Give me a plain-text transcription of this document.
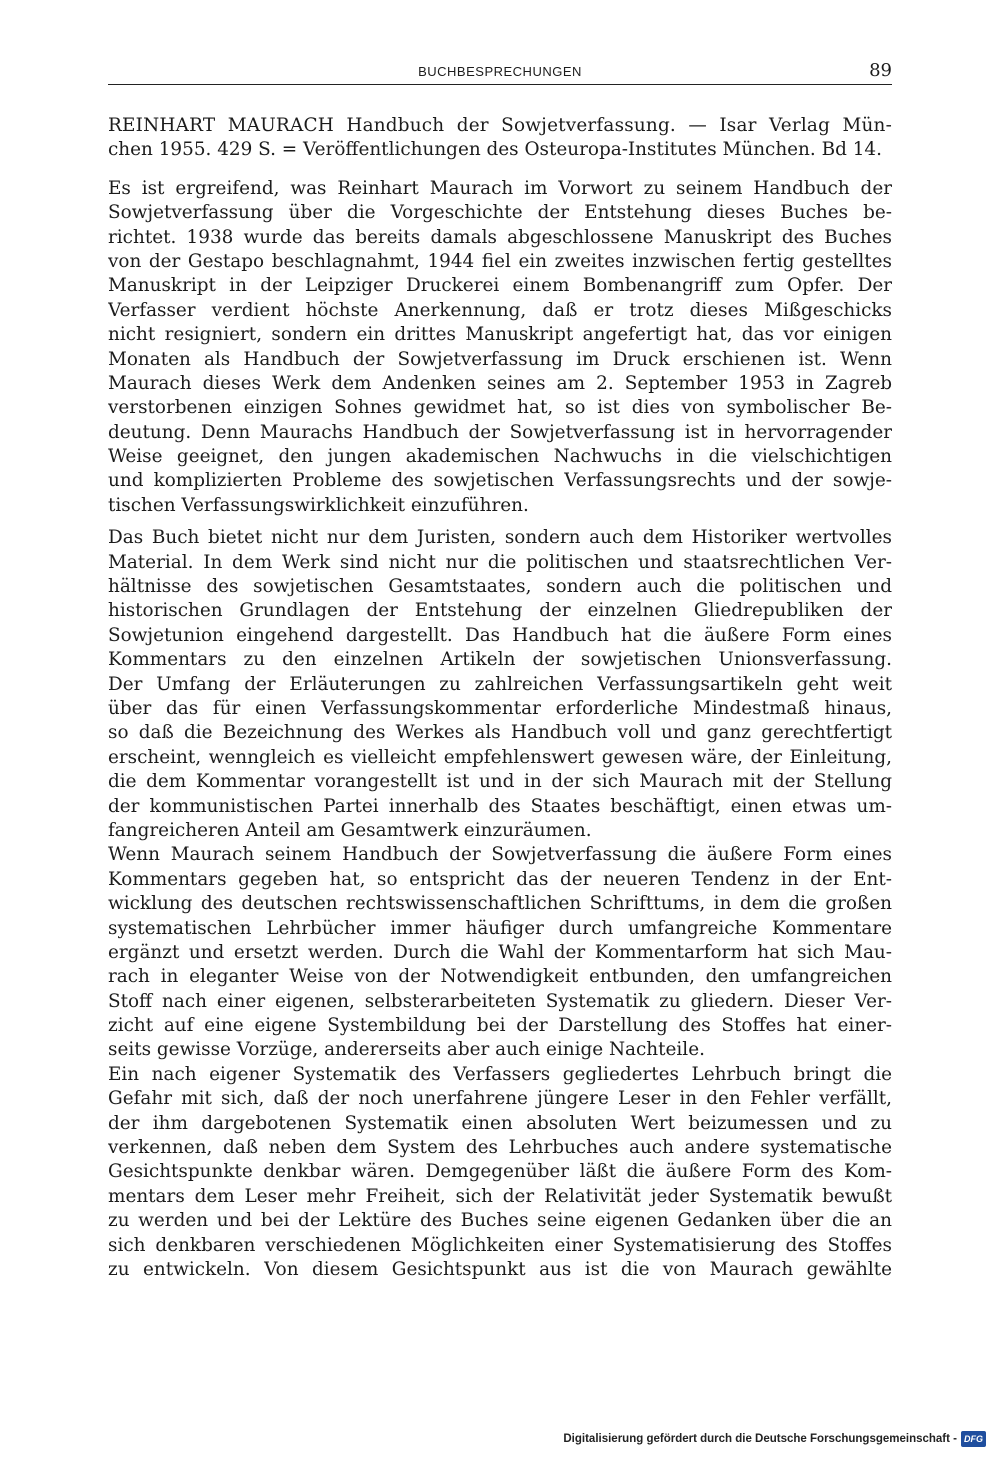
BUCHBESPRECHUNGEN	89

REINHART MAURACH Handbuch der Sowjetverfassung. — Isar Verlag Mün-

chen 1955. 429 S. = Veröffentlichungen des Osteuropa-Institutes München. Bd 14.

Es ist ergreifend, was Reinhart Maurach im Vorwort zu seinem Handbuch der

Sowjetverfassung über die Vorgeschichte der Entstehung dieses Buches be-

richtet. 1938 wurde das bereits damals abgeschlossene Manuskript des Buches

von der Gestapo beschlagnahmt, 1944 fiel ein zweites inzwischen fertig gestelltes

Manuskript in der Leipziger Druckerei einem Bombenangriff zum Opfer. Der

Verfasser verdient höchste Anerkennung, daß er trotz dieses Mißgeschicks

nicht resigniert, sondern ein drittes Manuskript angefertigt hat, das vor einigen

Monaten als Handbuch der Sowjetverfassung im Druck erschienen ist. Wenn

Maurach dieses Werk dem Andenken seines am 2. September 1953 in Zagreb

verstorbenen einzigen Sohnes gewidmet hat, so ist dies von symbolischer Be-

deutung. Denn Maurachs Handbuch der Sowjetverfassung ist in hervorragender

Weise geeignet, den jungen akademischen Nachwuchs in die vielschichtigen

und komplizierten Probleme des sowjetischen Verfassungsrechts und der sowje-

tischen Verfassungswirklichkeit einzuführen.

Das Buch bietet nicht nur dem Juristen, sondern auch dem Historiker wertvolles

Material. In dem Werk sind nicht nur die politischen und staatsrechtlichen Ver-

hältnisse des sowjetischen Gesamtstaates, sondern auch die politischen und

historischen Grundlagen der Entstehung der einzelnen Gliedrepubliken der

Sowjetunion eingehend dargestellt. Das Handbuch hat die äußere Form eines

Kommentars zu den einzelnen Artikeln der sowjetischen Unionsverfassung.

Der Umfang der Erläuterungen zu zahlreichen Verfassungsartikeln geht weit

über das für einen Verfassungskommentar erforderliche Mindestmaß hinaus,

so daß die Bezeichnung des Werkes als Handbuch voll und ganz gerechtfertigt

erscheint, wenngleich es vielleicht empfehlenswert gewesen wäre, der Einleitung,

die dem Kommentar vorangestellt ist und in der sich Maurach mit der Stellung

der kommunistischen Partei innerhalb des Staates beschäftigt, einen etwas um-

fangreicheren Anteil am Gesamtwerk einzuräumen.

Wenn Maurach seinem Handbuch der Sowjetverfassung die äußere Form eines

Kommentars gegeben hat, so entspricht das der neueren Tendenz in der Ent-

wicklung des deutschen rechtswissenschaftlichen Schrifttums, in dem die großen

systematischen Lehrbücher immer häufiger durch umfangreiche Kommentare

ergänzt und ersetzt werden. Durch die Wahl der Kommentarform hat sich Mau-

rach in eleganter Weise von der Notwendigkeit entbunden, den umfangreichen

Stoff nach einer eigenen, selbsterarbeiteten Systematik zu gliedern. Dieser Ver-

zicht auf eine eigene Systembildung bei der Darstellung des Stoffes hat einer-

seits gewisse Vorzüge, andererseits aber auch einige Nachteile.

Ein nach eigener Systematik des Verfassers gegliedertes Lehrbuch bringt die

Gefahr mit sich, daß der noch unerfahrene jüngere Leser in den Fehler verfällt,

der ihm dargebotenen Systematik einen absoluten Wert beizumessen und zu

verkennen, daß neben dem System des Lehrbuches auch andere systematische

Gesichtspunkte denkbar wären. Demgegenüber läßt die äußere Form des Kom-

mentars dem Leser mehr Freiheit, sich der Relativität jeder Systematik bewußt

zu werden und bei der Lektüre des Buches seine eigenen Gedanken über die an

sich denkbaren verschiedenen Möglichkeiten einer Systematisierung des Stoffes

zu entwickeln. Von diesem Gesichtspunkt aus ist die von Maurach gewählte

Digitalisierung gefördert durch die Deutsche Forschungsgemeinschaft - DFG
